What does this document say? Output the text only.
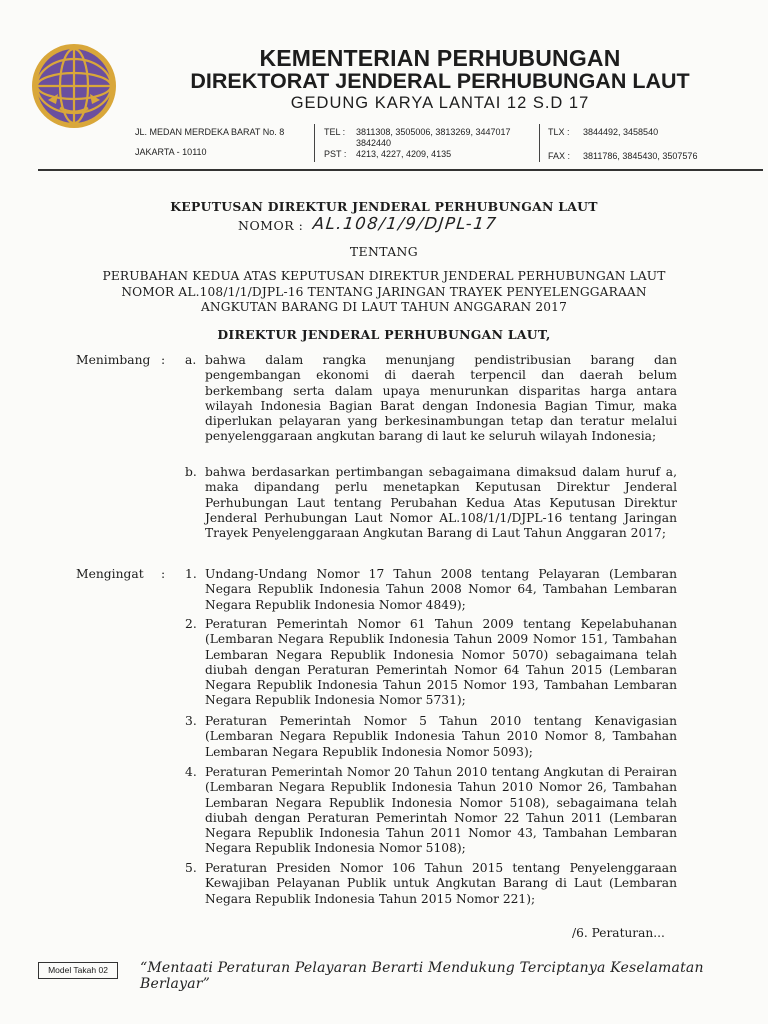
KEMENTERIAN PERHUBUNGAN
DIREKTORAT JENDERAL PERHUBUNGAN LAUT
GEDUNG KARYA LANTAI 12 S.D 17
JL. MEDAN MERDEKA BARAT No. 8
JAKARTA - 10110
TEL : 3811308, 3505006, 3813269, 3447017 3842440
PST : 4213, 4227, 4209, 4135
TLX : 3844492, 3458540
FAX : 3811786, 3845430, 3507576
KEPUTUSAN DIREKTUR JENDERAL PERHUBUNGAN LAUT
NOMOR : AL.108/1/9/DJPL-17
TENTANG
PERUBAHAN KEDUA ATAS KEPUTUSAN DIREKTUR JENDERAL PERHUBUNGAN LAUT
NOMOR AL.108/1/1/DJPL-16 TENTANG JARINGAN TRAYEK PENYELENGGARAAN
ANGKUTAN BARANG DI LAUT TAHUN ANGGARAN 2017
DIREKTUR JENDERAL PERHUBUNGAN LAUT,
Menimbang : a. bahwa dalam rangka menunjang pendistribusian barang dan pengembangan ekonomi di daerah terpencil dan daerah belum berkembang serta dalam upaya menurunkan disparitas harga antara wilayah Indonesia Bagian Barat dengan Indonesia Bagian Timur, maka diperlukan pelayaran yang berkesinambungan tetap dan teratur melalui penyelenggaraan angkutan barang di laut ke seluruh wilayah Indonesia;
b. bahwa berdasarkan pertimbangan sebagaimana dimaksud dalam huruf a, maka dipandang perlu menetapkan Keputusan Direktur Jenderal Perhubungan Laut tentang Perubahan Kedua Atas Keputusan Direktur Jenderal Perhubungan Laut Nomor AL.108/1/1/DJPL-16 tentang Jaringan Trayek Penyelenggaraan Angkutan Barang di Laut Tahun Anggaran 2017;
Mengingat : 1. Undang-Undang Nomor 17 Tahun 2008 tentang Pelayaran (Lembaran Negara Republik Indonesia Tahun 2008 Nomor 64, Tambahan Lembaran Negara Republik Indonesia Nomor 4849);
2. Peraturan Pemerintah Nomor 61 Tahun 2009 tentang Kepelabuhanan (Lembaran Negara Republik Indonesia Tahun 2009 Nomor 151, Tambahan Lembaran Negara Republik Indonesia Nomor 5070) sebagaimana telah diubah dengan Peraturan Pemerintah Nomor 64 Tahun 2015 (Lembaran Negara Republik Indonesia Tahun 2015 Nomor 193, Tambahan Lembaran Negara Republik Indonesia Nomor 5731);
3. Peraturan Pemerintah Nomor 5 Tahun 2010 tentang Kenavigasian (Lembaran Negara Republik Indonesia Tahun 2010 Nomor 8, Tambahan Lembaran Negara Republik Indonesia Nomor 5093);
4. Peraturan Pemerintah Nomor 20 Tahun 2010 tentang Angkutan di Perairan (Lembaran Negara Republik Indonesia Tahun 2010 Nomor 26, Tambahan Lembaran Negara Republik Indonesia Nomor 5108), sebagaimana telah diubah dengan Peraturan Pemerintah Nomor 22 Tahun 2011 (Lembaran Negara Republik Indonesia Tahun 2011 Nomor 43, Tambahan Lembaran Negara Republik Indonesia Nomor 5108);
5. Peraturan Presiden Nomor 106 Tahun 2015 tentang Penyelenggaraan Kewajiban Pelayanan Publik untuk Angkutan Barang di Laut (Lembaran Negara Republik Indonesia Tahun 2015 Nomor 221);
/6. Peraturan...
Model Takah 02	“Mentaati Peraturan Pelayaran Berarti Mendukung Terciptanya Keselamatan Berlayar”
